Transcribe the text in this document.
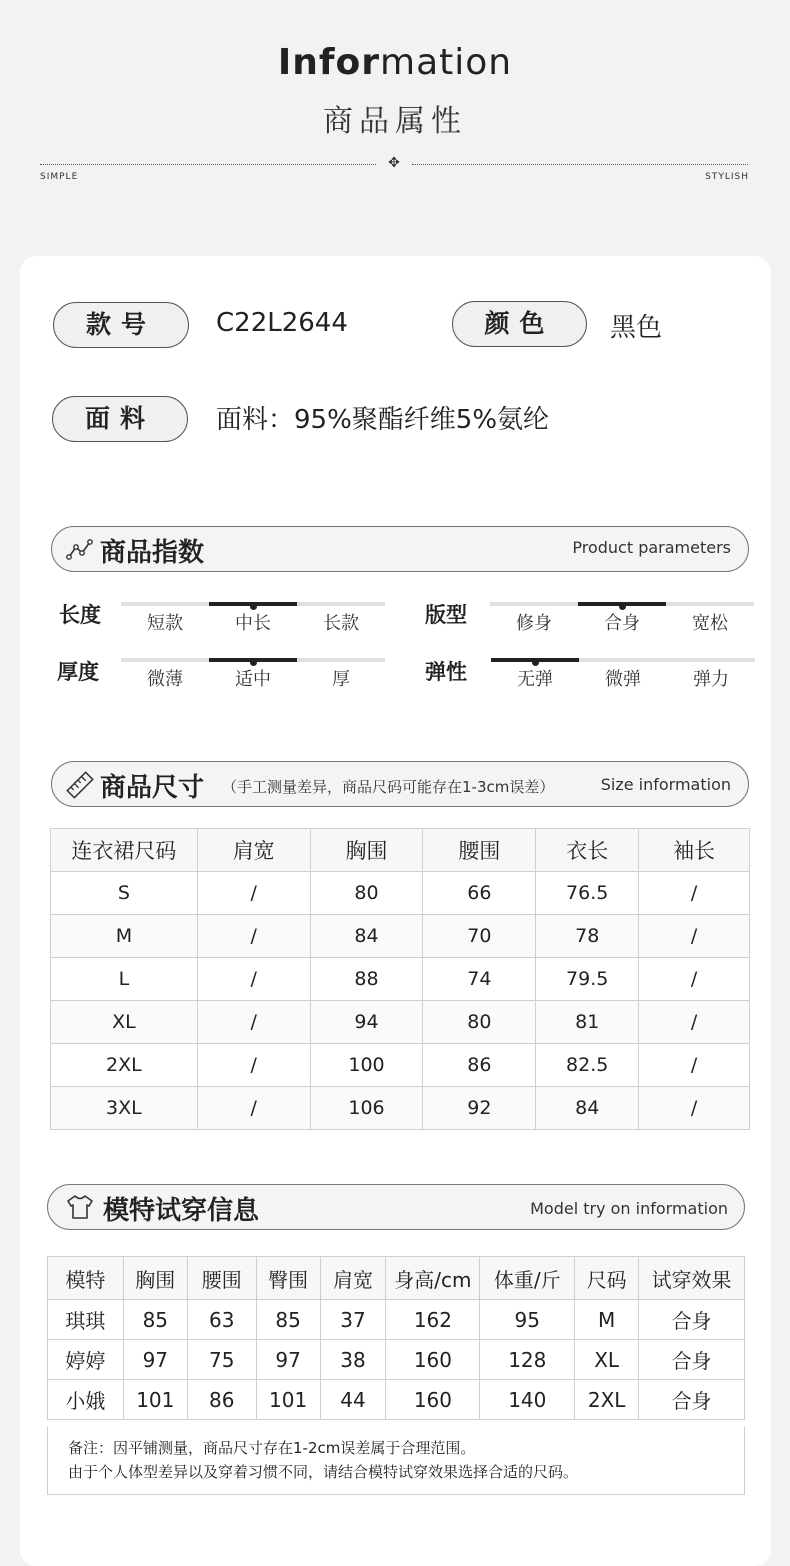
Information
商品属性
✥
SIMPLE	STYLISH
款号	C22L2644	颜色	黑色
面料	面料：95%聚酯纤维5%氨纶
商品指数	Product parameters
长度
厚度
版型
弹性
短款	中长	长款
微薄	适中	厚
修身	合身	宽松
无弹	微弹	弹力
商品尺寸 （手工测量差异，商品尺码可能存在1-3cm误差）	Size information
连衣裙尺码	肩宽	胸围	腰围	衣长	袖长
S	/	80	66	76.5	/
M	/	84	70	78	/
L	/	88	74	79.5	/
XL	/	94	80	81	/
2XL	/	100	86	82.5	/
3XL	/	106	92	84	/
模特试穿信息	Model try on information
模特	胸围	腰围	臀围	肩宽	身高/cm	体重/斤	尺码	试穿效果
琪琪	85	63	85	37	162	95	M	合身
婷婷	97	75	97	38	160	128	XL	合身
小娥	101	86	101	44	160	140	2XL	合身
备注：因平铺测量，商品尺寸存在1-2cm误差属于合理范围。
由于个人体型差异以及穿着习惯不同，请结合模特试穿效果选择合适的尺码。
